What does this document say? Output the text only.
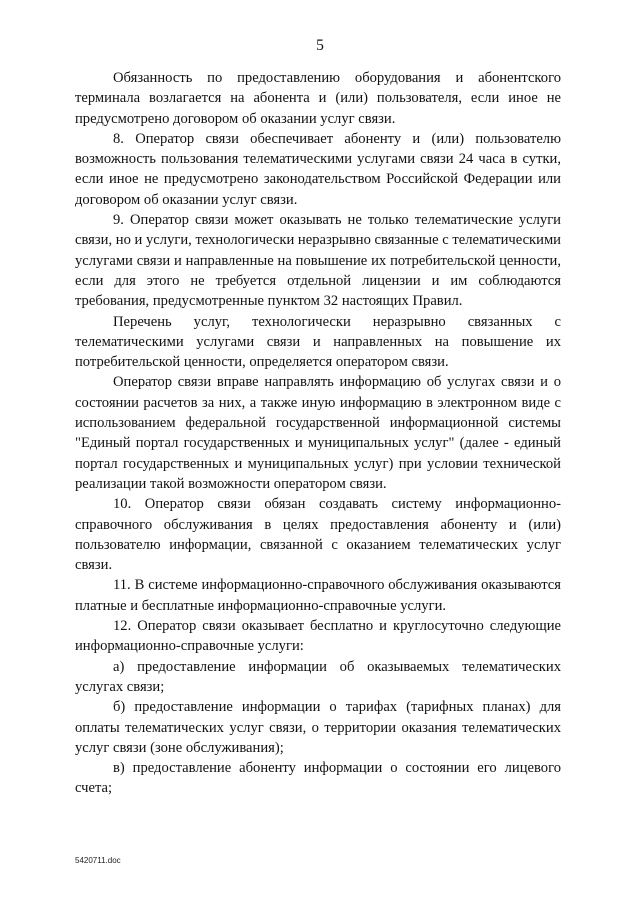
5

Обязанность по предоставлению оборудования и абонентского терминала возлагается на абонента и (или) пользователя, если иное не предусмотрено договором об оказании услуг связи.

8. Оператор связи обеспечивает абоненту и (или) пользователю возможность пользования телематическими услугами связи 24 часа в сутки, если иное не предусмотрено законодательством Российской Федерации или договором об оказании услуг связи.

9. Оператор связи может оказывать не только телематические услуги связи, но и услуги, технологически неразрывно связанные с телематическими услугами связи и направленные на повышение их потребительской ценности, если для этого не требуется отдельной лицензии и им соблюдаются требования, предусмотренные пунктом 32 настоящих Правил.

Перечень услуг, технологически неразрывно связанных с телематическими услугами связи и направленных на повышение их потребительской ценности, определяется оператором связи.

Оператор связи вправе направлять информацию об услугах связи и о состоянии расчетов за них, а также иную информацию в электронном виде с использованием федеральной государственной информационной системы "Единый портал государственных и муниципальных услуг" (далее - единый портал государственных и муниципальных услуг) при условии технической реализации такой возможности оператором связи.

10. Оператор связи обязан создавать систему информационно-справочного обслуживания в целях предоставления абоненту и (или) пользователю информации, связанной с оказанием телематических услуг связи.

11. В системе информационно-справочного обслуживания оказываются платные и бесплатные информационно-справочные услуги.

12. Оператор связи оказывает бесплатно и круглосуточно следующие информационно-справочные услуги:

а) предоставление информации об оказываемых телематических услугах связи;

б) предоставление информации о тарифах (тарифных планах) для оплаты телематических услуг связи, о территории оказания телематических услуг связи (зоне обслуживания);

в) предоставление абоненту информации о состоянии его лицевого счета;

5420711.doc
